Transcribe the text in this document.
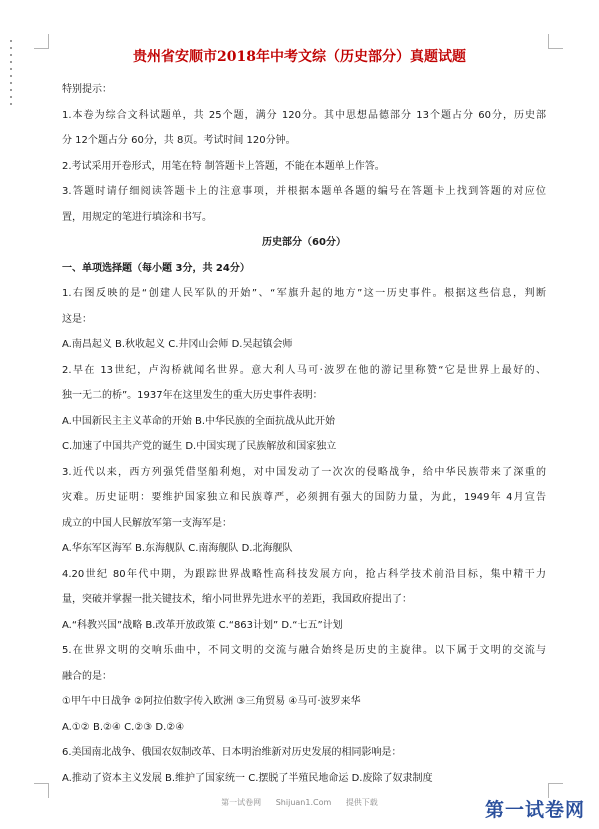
贵州省安顺市2018年中考文综（历史部分）真题试题
特别提示：
1.本卷为综合文科试题单，共 25个题，满分 120分。其中思想品德部分 13个题占分 60分，历史部
分 12个题占分 60分，共 8页。考试时间 120分钟。
2.考试采用开卷形式，用笔在特 制答题卡上答题，不能在本题单上作答。
3.答题时请仔细阅读答题卡上的注意事项，并根据本题单各题的编号在答题卡上找到答题的对应位
置，用规定的笔进行填涂和书写。
历史部分（60分）
一、单项选择题（每小题 3分，共 24分）
1.右图反映的是“创建人民军队的开始”、“军旗升起的地方”这一历史事件。根据这些信息，判断
这是：
A.南昌起义 B.秋收起义 C.井冈山会师 D.吴起镇会师
2.早在 13世纪，卢沟桥就闻名世界。意大利人马可·波罗在他的游记里称赞“它是世界上最好的、
独一无二的桥”。1937年在这里发生的重大历史事件表明：
A.中国新民主主义革命的开始 B.中华民族的全面抗战从此开始
C.加速了中国共产党的诞生 D.中国实现了民族解放和国家独立
3.近代以来，西方列强凭借坚船利炮，对中国发动了一次次的侵略战争，给中华民族带来了深重的
灾难。历史证明：要维护国家独立和民族尊严，必须拥有强大的国防力量，为此，1949年 4月宣告
成立的中国人民解放军第一支海军是：
A.华东军区海军 B.东海舰队 C.南海舰队 D.北海舰队
4.20世纪 80年代中期，为跟踪世界战略性高科技发展方向，抢占科学技术前沿目标，集中精干力
量，突破并掌握一批关键技术，缩小同世界先进水平的差距，我国政府提出了：
A.“科教兴国”战略 B.改革开放政策 C.“863计划” D.“七五”计划
5.在世界文明的交响乐曲中，不同文明的交流与融合始终是历史的主旋律。以下属于文明的交流与
融合的是：
①甲午中日战争 ②阿拉伯数字传入欧洲 ③三角贸易 ④马可·波罗来华
A.①② B.②④ C.②③ D.②④
6.美国南北战争、俄国农奴制改革、日本明治维新对历史发展的相同影响是：
A.推动了资本主义发展 B.维护了国家统一 C.摆脱了半殖民地命运 D.废除了奴隶制度
第一试卷网 Shijuan1.Com 提供下载	第一试卷网
